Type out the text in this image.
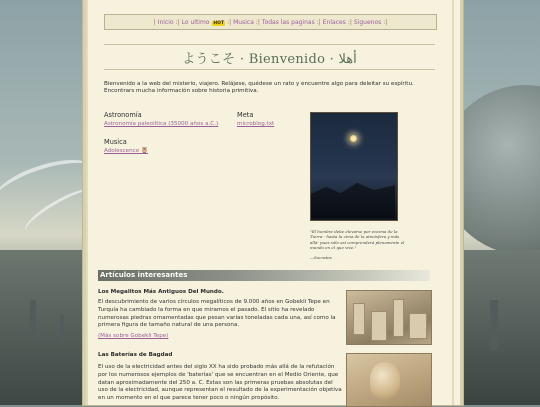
| Inicio :| Lo ultimo HOT :| Musica :| Todas las paginas :| Enlaces :| Siguenos :|
ようこそ · Bienvenido · أهلا
Bienvenido a la web del misterio, viajero. Relájese, quédese un rato y encuentre algo para deleitar su espíritu. Encontrars mucha información sobre historia primitiva.
Astronomía
Astronomía paleolítica (35000 años a.C.)
Meta
microblog.txt
Musica
Adolescence 🦉
"El hombre debe elevarse por encima de la Tierra - hasta la cima de la atmósfera y más allá- pues sólo así comprenderá plenamente el mundo en el que vive."
—Socrates
Artículos interesantes
Los Megalitos Más Antiguos Del Mundo.
El descubrimiento de varios círculos megalíticos de 9.000 años en Gobekli Tepe en Turquía ha cambiado la forma en que miramos el pasado. El sitio ha revelado numerosas piedras ornamentadas que pesan varias toneladas cada una, así como la primera figura de tamaño natural de una persona.
(Más sobre Gobekli Tepe)
Las Baterías de Bagdad
El uso de la electricidad antes del siglo XX ha sido probado más allá de la refutación por los numerosos ejemplos de 'baterías' que se encuentran en el Medio Oriente, que datan aproximadamente del 250 a. C. Estas son las primeras pruebas absolutas del uso de la electricidad, aunque representan el resultado de la experimentación objetiva en un momento en el que parece tener poco o ningún propósito.
